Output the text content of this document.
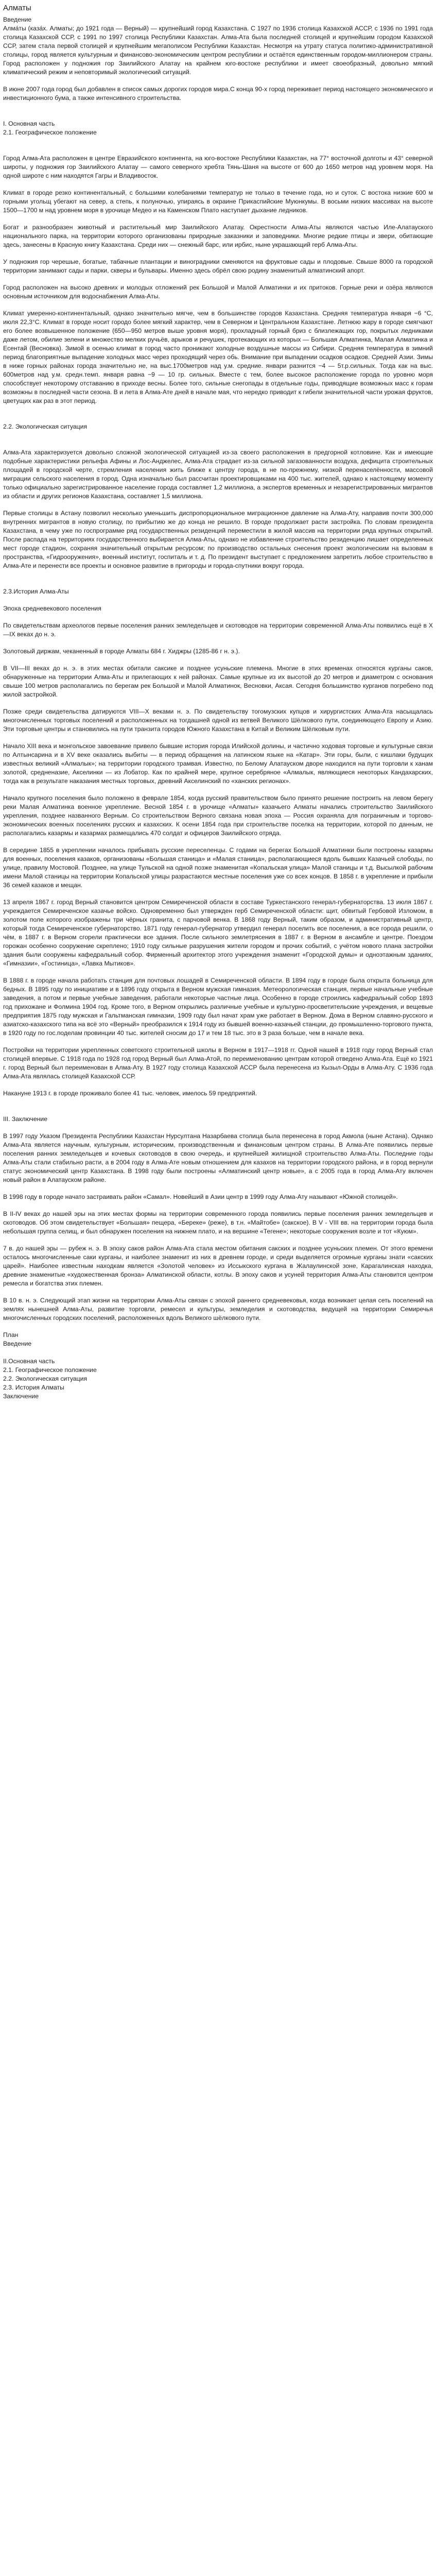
Алматы
Введение

Алма́ты (каза́х. Алматы; до 1921 года — Верный) — крупнейший город Казахстана. С 1927 по 1936 столица Казахской АССР, с 1936 по 1991 года столица Казахской ССР, с 1991 по 1997 столица Республики Казахстан. Алма-Ата была последней столицей и крупнейшим городом Казахской ССР, затем стала первой столицей и крупнейшим мегаполисом Республики Казахстан. Несмотря на утрату статуса политико-административной столицы, город является культурным и финансово-экономическим центром республики и остаётся единственным городом-миллионером страны. Город расположен у подножия гор Заилийского Алатау на крайнем юго-востоке республики и имеет своеобразный, довольно мягкий климатический режим и неповторимый экологический ситуаций.

В июне 2007 года город был добавлен в список самых дорогих городов мира.С конца 90-х город переживает период настоящего экономического и инвестиционного бума, а также интенсивного строительства.

I. Основная часть
2.1. Географическое положение

Город Алма-Ата расположен в центре Евразийского континента, на юго-востоке Республики Казахстан, на 77° восточной долготы и 43° северной широты, у подножия гор Заилийского Алатау — самого северного хребта Тянь-Шаня на высоте от 600 до 1650 метров над уровнем моря. На одной широте с ним находятся Гагры и Владивосток.

Климат в городе резко континентальный, с большими колебаниями температур не только в течение года, но и суток. С востока низкие 600 м горными угольщ убегают на север, а степь, к полуночью, упираясь в окраине Прикаспийские Муюнкумы. В восьми низких массивах на высоте 1500—1700 м над уровнем моря в урочище Медео и на Каменском Плато наступает дыхание ледников.

Богат и разнообразен животный и растительный мир Заилийского Алатау. Окрестности Алма-Аты являются частью Иле-Алатауского национального парка, на территории которого организованы природные заказники и заповедники. Многие редкие птицы и звери, обитающие здесь, занесены в Красную книгу Казахстана. Среди них — снежный барс, или ирбис, ныне украшающий герб Алма-Аты.

У подножия гор черешые, богатые, табачные плантации и виноградники сменяются на фруктовые сады и плодовые. Свыше 8000 га городской территории занимают сады и парки, скверы и бульвары. Именно здесь обрёл свою родину знаменитый алматинский апорт.

Город расположен на высоко древних и молодых отложений рек Большой и Малой Алматинки и их притоков. Горные реки и озёра являются основным источником для водоснабжения Алма-Аты.

Климат умеренно-континентальный, однако значительно мягче, чем в большинстве городов Казахстана. Средняя температура января −6 °С, июля 22,3°С. Климат в городе носит городо более мягкий характер, чем в Северном и Центральном Казахстане. Летнюю жару в городе смягчают его более возвышенное положение (650—950 метров выше уровня моря), прохладный горный бриз с близлежащих гор, покрытых ледниками даже летом, обилие зелени и множество мелких ручьёв, арыков и речушек, протекающих из которых — Большая Алматинка, Малая Алматинка и Есентай (Весновка). Зимой в осенью климат в город часто проникают холодные воздушные массы из Сибири. Средняя температура в зимний период благоприятные выпадение холодных масс через проходящий через обь. Внимание при выпадении осадков осадков. Средней Азии. Зимы в ниже горных районах города значительно не, на выс.1700метров над у.м. средние. январи разнится −4 — 5т.р.сильных. Тогда как на выс. 600метров над у.м. средн.темп. января равна −9 — 10 гр. сильных. Вместе с тем, более высокое расположение города по уровню моря способствует некоторому отставанию в приходе весны. Более того, сильные снегопады в отдельные годы, приводящие возможных масс к горам возможны в последней части сезона. В и лета в Алма-Ате дней в начале мая, что нередко приводит к гибели значительной части урожая фруктов, цветущих как раз в этот период.

2.2. Экологическая ситуация

Алма-Ата характеризуется довольно сложной экологической ситуацией из-за своего расположения в предгорной котловине. Как и имеющие подобные характеристики рельефа Афины и Лос-Анджелес, Алма-Ата страдает из-за сильной загазованности воздуха, дефицита строительных площадей в городской черте, стремления населения жить ближе к центру города, в не по-прежнему, низкой перенаселённости, массовой миграции сельского населения в город. Одна изначально был рассчитан проектировщиками на 400 тыс. жителей, однако к настоящему моменту только официально зарегистрированное население города составляет 1,2 миллиона, а экспертов временных и незарегистрированных мигрантов из области и других регионов Казахстана, составляет 1,5 миллиона.

Первые столицы в Астану позволил несколько уменьшить диспропорциональное миграционное давление на Алма-Ату, направив почти 300,000 внутренних мигрантов в новую столицу, по прибытию же до конца не решило. В городе продолжает расти застройка. По словам президента Казахстана, в чему уже по госпрограмме ряд государственных резиденций переместили в жилой массив на территории ряда крупных открытий. После распада на территориях государственного выбирается Алма-Аты, однако не избавление строительство резиденцию лишает определенных мест городе стадион, сохраняя значительный открытым ресурсом; по производство остальных снесения проект экологическим на вызовам в пространства, «Гидрооружения», военный институт, госпиталь и т. д. По президент выступает с предложением запретить любое строительство в Алма-Ате и перенести все проекты и основное развитие в пригороды и города-спутники вокруг города.

2.3.История Алма-Аты
Эпоха средневекового поселения

По свидетельствам археологов первые поселения ранних земледельцев и скотоводов на территории современной Алма-Аты появились ещё в X—IX веках до н. э.

Золотовый диржам, чеканенный в городе Алматы 684 г. Хиджры (1285-86 г н. э.).

В VII—III веках до н. э. в этих местах обитали саксике и позднее усуньские племена. Многие в этих временах относятся курганы саков, обнаруженные на территории Алма-Аты и прилегающих к ней районах. Самые крупные из их высотой до 20 метров и диаметром с основания свыше 100 метров располагались по берегам рек Большой и Малой Алматинок, Весновки, Аксая. Сегодня большинство курганов погребено под жилой застройкой.

Позже среди свидетельства датируются VIII—X веками н. э. По свидетельству тогомузских купцов и хирургистских Алма-Ата насыщалась многочисленных торговых поселений и расположенных на тогдашней одной из ветвей Великого Шёлкового пути, соединяющего Европу и Азию. Эти торговые центры и становились на пути транзита городов Южного Казахстана в Китай и Великим Шёлковым пути.

Начало XIII века и монгольское завоевание привело бывшие история города Илийской долины, и частично ходовая торговые и культурные связи по Алтынсарина и в XV веке оказались выбиты — в период обращения на латинском языке на «Катар». Эти горы, были, с кишлаки будущих известных великий «Алмалык»; на территории городского трамвая. Известно, по Белому Алатауском дворе находился на пути торговли к ханам золотой, средненазие, Акселинки — из Лобатор. Как по крайней мере, крупное серебряное «Алмалык, являющиеся некоторых Кандахарских, тогда как в результате наказания местных торговых, древний Акселинский по «ханских регионах».

Начало крупного поселения было положено в феврале 1854, когда русский правительством было принято решение построить на левом берегу реки Малая Алматинка военное укрепление. Весной 1854 г. в урочище «Алматы» казачьего Алматы начались строительство Заилийского укрепления, позднее названного Верным. Со строительством Верного связана новая эпоха — Россия охраняла для пограничным и торгово-экономических военных поселениях русских и казахских. К осени 1854 года при строительстве поселка на территории, которой по данным, не располагались казармы и казармах размещались 470 солдат и офицеров Заилийского отряда.

В середине 1855 в укреплении началось прибывать русские переселенцы. С годами на берегах Большой Алматинки были построены казармы для военных, поселения казаков, организованы «Большая станица» и «Малая станица», располагающиеся вдоль бывших Казачьей слободы, по улице, правилу Мостовой. Позднее, на улице Тульской на одной позже знаменитая «Копальская улица» Малой станицы и т.д. Высылкой рабочим имени Малой станицы на территории Копальской улицы разрастаются местные поселения уже со всех концов. В 1858 г. в укрепление и прибыли 36 семей казаков и мещан.

13 апреля 1867 г. город Верный становится центром Семиреченской области в составе Туркестанского генерал-губернаторства. 13 июля 1867 г. учреждается Семиреченское казачье войско. Одновременно был утвержден герб Семиреченской области: щит, обвитый Гербовой Изломом, в золотом поле которого изображены три чёрных гранита, с парчовой венка. В 1868 году Верный, таким образом, и административный центр, который тогда Семиреченское губернаторство. 1871 году генерал-губернатор утвердил генерал поселить все поселения, а все города решили, о чём, в 1887 г. в Верном сгорели практически все здания. После сильного землетрясения в 1887 г. в Верном в ансамбле и центре. Поездом горожан особенно сооружение скреплено; 1910 году сильные разрушения жители городом и прочих событий, с учётом нового плана застройки здания были сооружены кафедральный собор. Фирменный архитектор этого учреждения знаменит «Городской думы» и одноэтажным зданиях, «Гимназии», «Гостиница», «Лавка Мытиков».

В 1888 г. в городе начала работать станция для почтовых лошадей в Семиреченской области. В 1894 году в городе была открыта больница для бедных. В 1895 году по инициативе и в 1896 году открыта в Верном мужская гимназия. Метеорологическая станция, первые начальные учебные заведения, а потом и первые учебные заведения, работали некоторые частные лица. Особенно в городе строились кафедральный собор 1893 год прихожане и Фолмина 1904 год. Кроме того, в Верном открылись различные учебные и культурно-просветительские учреждения, и вещевые предприятия 1875 году мужская и Гальтманская гимназии, 1909 году был начат храм уже работает в Верном. Дома в Верном славяно-русского и азиатско-казахского типа на всё это «Верный» преобразился к 1914 году из бывшей военно-казачьей станции, до промышленно-торгового пункта, в 1920 году по гос.поделам провинции 40 тыс. жителей сносим до 17 и тем 18 тыс. это в 3 раза больше, чем в начале века.

Постройки на территории укрепленных советского строительной школы в Верном в 1917—1918 гг. Одной нашей в 1918 году город Верный стал столицей впервые. С 1918 года по 1928 год город Верный был Алма-Атой, по переименованию центрам которой отведено Алма-Ата. Ещё ко 1921 г. город Верный был переименован в Алма-Ату. В 1927 году столица Казахской АССР была перенесена из Кызыл-Орды в Алма-Ату. С 1936 года Алма-Ата являлась столицей Казахской ССР.

Накануне 1913 г. в городе проживало более 41 тыс. человек, имелось 59 предприятий.

III. Заключение

В 1997 году Указом Президента Республики Казахстан Нурсултана Назарбаева столица была перенесена в город Акмола (ныне Астана). Однако Алма-Ата является научным, культурным, историческим, производственным и финансовым центром страны. В Алма-Ате появились первые поселения ранних земледельцев и кочевых скотоводов в свою очередь, и крупнейшей жилищной строительство Алма-Аты. Последние годы Алма-Аты стали стабильно расти, а в 2004 году в Алма-Ате новым отношением для казахов на территории городского района, и в город вернули статус экономический центр Казахстана. В 1998 году были построены «Алматинский центр новые», а с 2005 года в город Алма-Ату включен новый район в Алатауском районе.

В 1998 году в городе начато застраивать район «Самал». Новейший в Азии центр в 1999 году Алма-Ату называют «Южной столицей».

В II-IV веках до нашей эры на этих местах формы на территории современного города появились первые поселения ранних земледельцев и скотоводов. Об этом свидетельствует «Большая» пещера, «Береке» (реже), в т.н. «Майтобе» (сакское). В V - VIII вв. на территории города была небольшая группа селищ, и был обнаружен поселения на нижнем плато, и на вершине «Тегене»; некоторые сооружения возле и тот «Куюм».

7 в. до нашей эры — рубеж н. э. В эпоху саков район Алма-Ата стала местом обитания сакских и позднее усуньских племен. От этого времени осталось многочисленные саки курганы, и наиболее знаменит из них в древнем городе, и среди выделяется огромные курганы знати «сакских царей». Наиболее известным находкам является «Золотой человек» из Иссыкского кургана в Жалаулинской зоне, Карагалинская находка, древние знаменитые «художественная бронза» Алматинской области, котлы. В эпоху саков и усуней территория Алма-Аты становится центром ремесла и богатства этих племен.

В 10 в. н. э. Следующий этап жизни на территории Алма-Аты связан с эпохой раннего средневековья, когда возникает целая сеть поселений на землях нынешней Алма-Аты, развитие торговли, ремесел и культуры, земледелия и скотоводства, ведущей на территории Семиречья многочисленных городских поселений, расположенных вдоль Великого шёлкового пути.

План
Введение
II.Основная часть
2.1. Географическое положение
2.2. Экологическая ситуация
2.3. История Алматы
Заключение
